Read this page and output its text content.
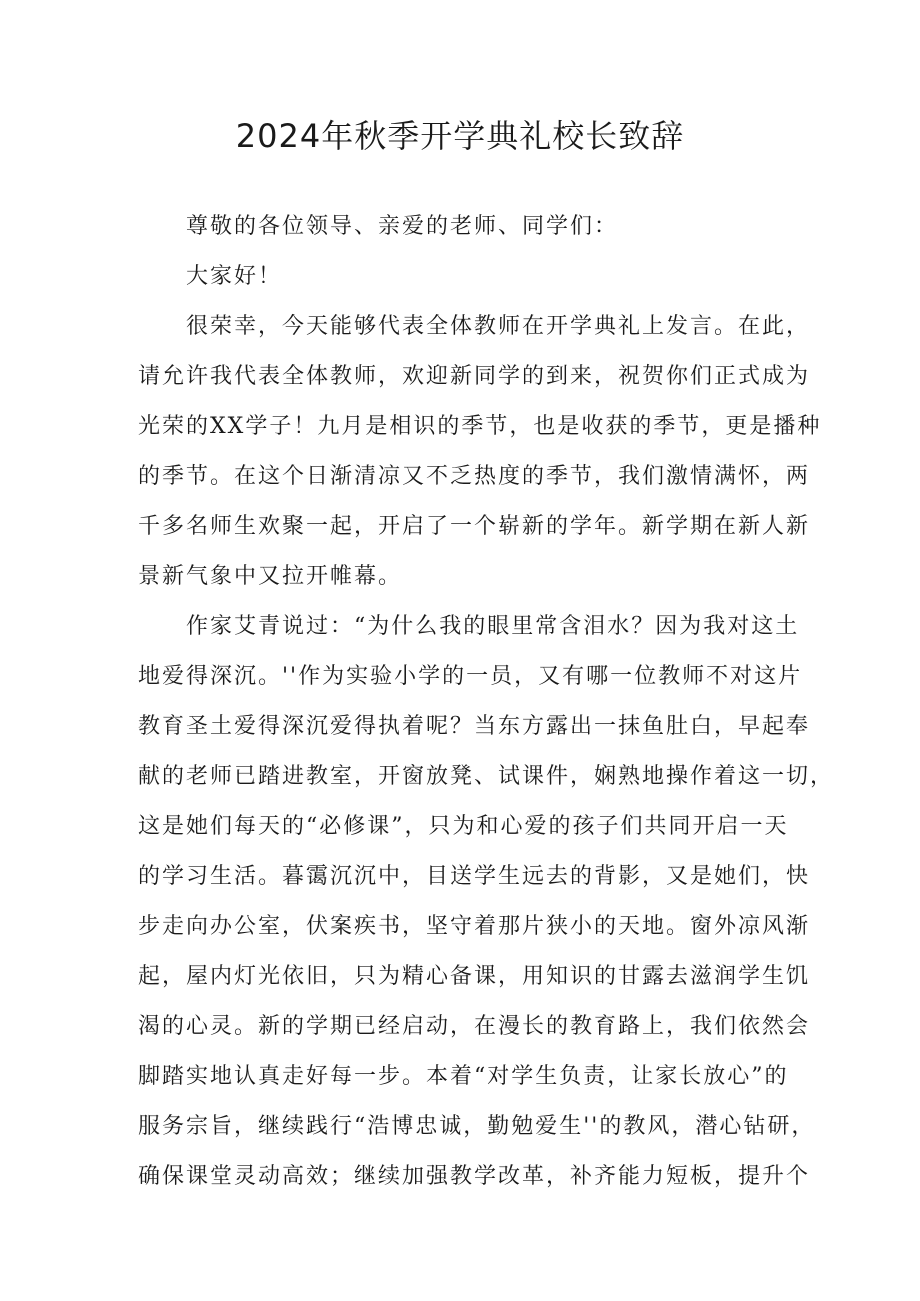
2024年秋季开学典礼校长致辞

尊敬的各位领导、亲爱的老师、同学们：

大家好！

很荣幸，今天能够代表全体教师在开学典礼上发言。在此，

请允许我代表全体教师，欢迎新同学的到来，祝贺你们正式成为

光荣的XX学子！九月是相识的季节，也是收获的季节，更是播种

的季节。在这个日渐清凉又不乏热度的季节，我们激情满怀，两

千多名师生欢聚一起，开启了一个崭新的学年。新学期在新人新

景新气象中又拉开帷幕。

作家艾青说过：“为什么我的眼里常含泪水？因为我对这土

地爱得深沉。''作为实验小学的一员，又有哪一位教师不对这片

教育圣土爱得深沉爱得执着呢？当东方露出一抹鱼肚白，早起奉

献的老师已踏进教室，开窗放凳、试课件，娴熟地操作着这一切，

这是她们每天的“必修课”，只为和心爱的孩子们共同开启一天

的学习生活。暮霭沉沉中，目送学生远去的背影，又是她们，快

步走向办公室，伏案疾书，坚守着那片狭小的天地。窗外凉风渐

起，屋内灯光依旧，只为精心备课，用知识的甘露去滋润学生饥

渴的心灵。新的学期已经启动，在漫长的教育路上，我们依然会

脚踏实地认真走好每一步。本着“对学生负责，让家长放心”的

服务宗旨，继续践行“浩博忠诚，勤勉爱生''的教风，潜心钻研，

确保课堂灵动高效；继续加强教学改革，补齐能力短板，提升个
